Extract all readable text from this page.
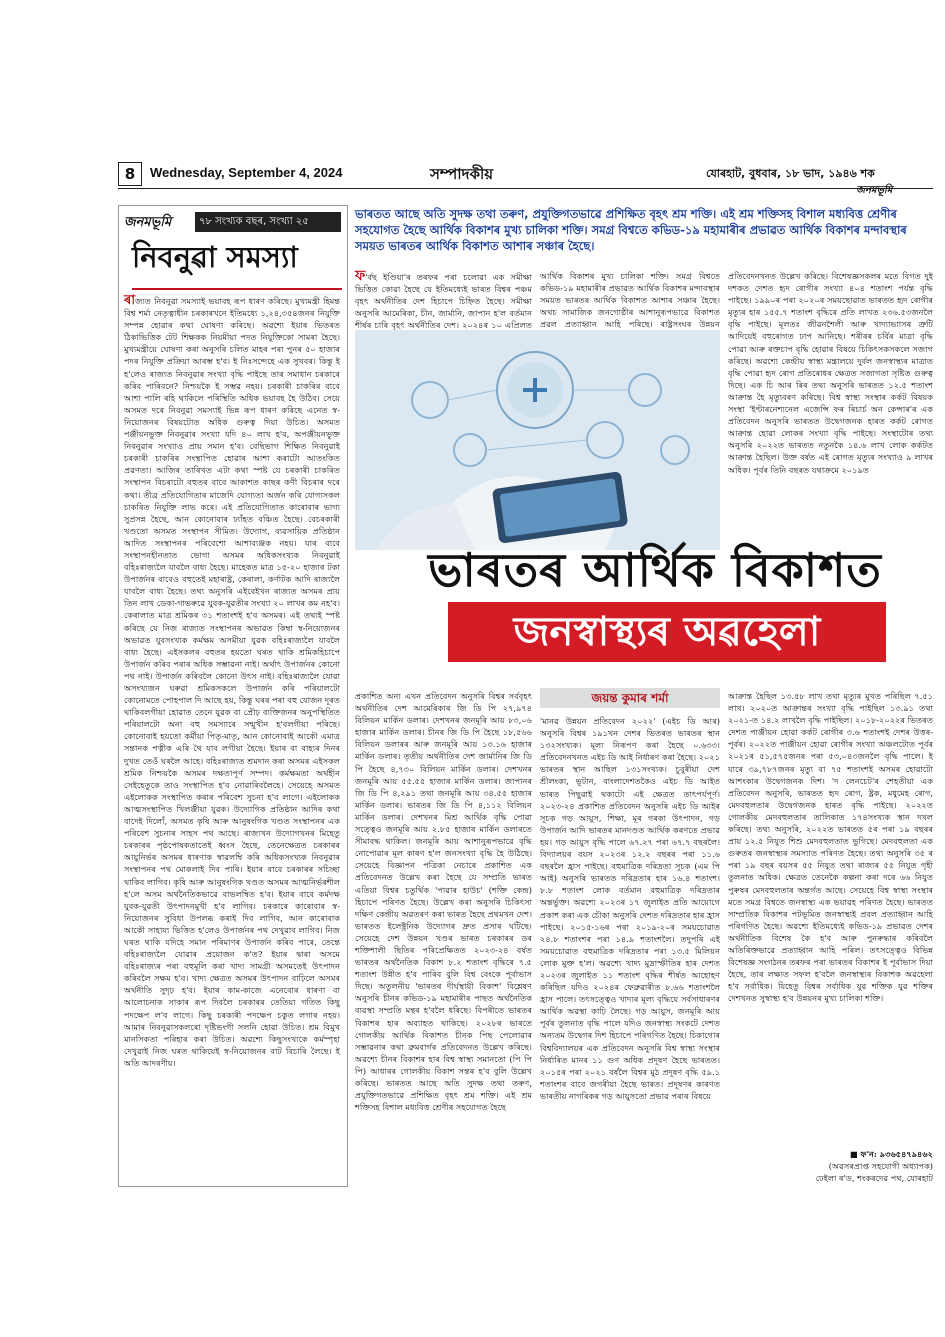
8	Wednesday, September 4, 2024	সম্পাদকীয়	যোৰহাট, বুধবাৰ, ১৮ ভাদ, ১৯৪৬ শক
জনমভূমি
জনমভূমি	৭৮ সংখ্যক বছৰ, সংখ্যা ২৫
নিবনুৱা সমস্যা
ৰাজ্যত নিবনুৱা সমস্যাই ভয়াবহ ৰূপ ধাৰণ কৰিছে। মুখ্যমন্ত্ৰী হিমন্ত বিশ্ব শৰ্মা নেতৃত্বাধীন চৰকাৰখনে ইতিমধ্যে ১,২৪,৩৫৪জনৰ নিযুক্তি সম্পন্ন হোৱাৰ কথা ঘোষণা কৰিছে। অৱশ্যে ইয়াৰ ভিতৰত ঠিকাভিত্তিক টেট শিক্ষকক নিয়মীয়া পদত নিযুক্তিকো সামৰা হৈছে। মুখ্যমন্ত্ৰীয়ে ঘোষণা কৰা অনুসৰি চলিত মাহৰ পৰা পুনৰ ৫০ হাজাৰ পদৰ নিযুক্তি প্ৰক্ৰিয়া আৰম্ভ হ'ব। ই নিঃসন্দেহে এক সুখবৰ। কিন্তু ই হ'লেও ৰাজ্যত নিবনুৱাৰ সংখ্যা বৃদ্ধি পাইছে তাৰ সমাধান চৰকাৰে কৰিব পাৰিবনে? নিশ্চয়কৈ ই সম্ভৱ নহয়। চৰকাৰী চাকৰিৰ বাবে আশা পালি ৰহি থাকিলে পৰিস্থিতি অধিক ভয়াবহ হৈ উঠিব। সেয়ে অসমত দৰে নিবনুৱা সমস্যাই ভিন্ন ৰূপ ধাৰণ কৰিছে এনেত স্ব-নিয়োজনৰ বিষয়টোত অধিক গুৰুত্ব দিয়া উচিত। অসমত পঞ্জীয়নভুক্ত নিবনুৱাৰ সংখ্যা যদি ৪০ লাখ হ'ব, অপঞ্জীয়নভুক্ত নিবনুৱাৰ সংখ্যাও প্ৰায় সমান হ'ব। বেছিভাগ শিক্ষিত নিবনুৱাই চৰকাৰী চাকৰিৰ সংস্থাপিত হোৱাৰ আশা কৰাটো আতংকিত প্ৰৱণতা। আজিৰ তাৰিখত এটা কথা স্পষ্ট যে চৰকাৰী চাকৰিত সংস্থাপন বিচৰাটো বহুতৰ বাবে আকাশত কাছৰ কণী বিচৰাৰ দৰে কথা। তীব্ৰ প্ৰতিযোগিতাৰ মাজেদি যোগ্যতা অৰ্জন কৰি যোগ্যসকল চাকৰিত নিযুক্তি লাভ কৰে। এই প্ৰতিযোগিতাত কাৰোবাৰ ভাগ্য সুপ্ৰসন্ন হৈছে, আন কোনোবাৰ ঢ্যাঁহত বঞ্চিত হৈছে। বেচৰকাৰী খণ্ডতো অসমত সংস্থাপন সীমিত। উদ্যোগ, ব্যৱসায়িক প্ৰতিষ্ঠান আদিত সংস্থাপনৰ পৰিবেশো আশাব্যঞ্জক নহয়। যাৰ বাবে সংস্থাপনহীনতাত ভোগা অসমৰ অধিকসংখ্যক নিবনুৱাই বহিঃৰাজ্যলৈ যাবলৈ বাধ্য হৈছে। মাহেকত মাত্ৰ ১৫-২০ হাজাৰ টকা উপাৰ্জনৰ বাবেও বহুতেই মহাৰাষ্ট্ৰ, কেৰালা, কৰ্ণাটক আদি ৰাজ্যলৈ যাবলৈ বাধ্য হৈছে। তথ্য অনুসৰি এইবেইখন ৰাজ্যত অসমৰ প্ৰায় তিন লাখ ডেকা-গাভৰুৱে যুবক-যুৱতীৰ সংখ্যা ২০ লাখৰ কম নহ'ব। কেৰালাত মাত্ৰ শ্ৰমিকৰ ৩১ শতাংশই হ'ব অসমৰ। এই তথ্যই স্পষ্ট কৰিছে যে নিজ ৰাজ্যত সংস্থাপনৰ অভাৱত কিম্বা স্ব-নিয়োজনৰ অভাৱত যুবসংখ্যক কৰ্মক্ষম অসমীয়া যুৱক বহিঃৰাজ্যলৈ যাবলৈ বাধ্য হৈছে। এইসকলৰ বহুতৰ হয়তো ঘৰত থাকি শ্ৰমিকহিচাপে উপাৰ্জন কৰিব পৰাৰ অধিক সম্ভাৱনা নাই। অৰ্থাৎ উপাৰ্জনৰ কোনো পথ নাই। উপাৰ্জন কৰিবলৈ কোনো উৎস নাই। বহিঃৰাজ্যলৈ যোৱা অসংখ্যজন ঘৰুৱা শ্ৰমিকসকলে উপাৰ্জন কৰি পৰিয়ালটো কোনোমতে পোহপাল দি আছে হয়, কিন্তু ঘৰৰ পৰা বহু যোজন দূৰত থাকিবলগীয়া হোৱাত তেনে যুৱক বা প্ৰৌঢ় ব্যক্তিজনৰ অনুপস্থিতিত পৰিয়ালটো অনা বহু সমস্যাৰে সন্মুখীন হ'বলগীয়া পৰিছে। কোনোবাই হয়তো কৰ্মীয়া পিতৃ-মাতৃ, আন কোনোবাই আকৌ এমাত্ৰ সন্তানক পত্নীক এৰি থৈ যাব লগীয়া হৈছে। ইয়াৰ বা বাহ্যৰ দিনৰ দুখত তেওঁ ঘৰলৈ আহে। বহিঃৰাজ্যত শ্ৰমদান কৰা অসমৰ এইসকল শ্ৰমিক নিশ্চয়কৈ অসমৰ দক্ষতাপূৰ্ণ সম্পদ। কৰ্মক্ষমতা অৰ্থহীন সেইহেতুকে তাও সংস্থাপিত হ'ব নোৱাৰিবলৈহে। সেয়েহে অসমত এইলোকক সংস্থাপিত কৰাৰ পৰিবেশ সুচনা হ'ব লাগে। এইলোকক আত্মসংস্থাপিত খিলঞ্জীয়া যুৱক। উদ্যোগিক প্ৰতিষ্ঠান আদিৰ কথা বাদেই দিলোঁ, অসমত কৃষি আৰু আনুষংগিক খণ্ডত সংস্থাপনৰ এক পৰিবেশ সুচনাৰ সাহস পথ আছে। ৰাজ্যখন উদ্যোগখনৰ মিহেতু চৰকাৰৰ পৃষ্ঠপোষকতাতেই ধ্বংস হৈছে, তেনেক্ষেত্ৰত চৰকাৰৰ আয়ুনিৰ্ভৰ অসমৰ ধাৰণাক স্বাৱলম্বি কৰি অধিকসংখ্যক নিবনুৱাৰ সংস্থাপনৰ পথ মোকলাই দিব পাৰি। ইয়াৰ বাবে চৰকাৰৰ সচিচ্ছা থাকিব লাগিব। কৃষি আৰু আনুষংগিক খণ্ডত অসমৰ আত্মনিৰ্ভৰশীল হ'লে অসম অৰ্থনৈতিকভাৱে বাভলম্বিত হ'ব। ইয়াৰ বাবে কৰ্মদক্ষ যুবক-যুৱতী উৎপাদনমুখী হ'ব লাগিব। চৰকাৰে কাৰোবাৰ স্ব-নিয়োজনৰ সুবিধা উপলব্ধ কৰাই দিব লাগিব, আন কাৰোবাক আকৌ সাহায্য ভিত্তিত হ'লেও উপাৰ্জনৰ পথ দেখুৱাব লাগিব। নিজ ঘৰত থাকি যদিহে সমান পৰিমাণৰ উপাৰ্জন কৰিব পাৰে, তেন্তে বহিঃৰাজ্যলৈ যোৱাৰ প্ৰয়োজন ক'ত? ইয়াৰ দ্বাৰা অসমে বহিঃৰাজ্যৰ পৰা বহুমূলি কৰা খাদ্য সামগ্ৰী অসমতেই উৎপাদন কৰিবলৈ সক্ষম হ'ব। খাদ্য ক্ষেত্ৰত অসমৰ উৎপাদন বাঢ়িলে অসমৰ অৰ্থনীতি সুদৃঢ় হ'ব। ইয়াৰ কাম-কাজে এনেবোৰ ধাৰণা বা আলোচনাক সাকাৰ ৰূপ দিবলৈ চৰকাৰৰ তেতিয়া গতিত কিছু পদক্ষেপ ল'ব লাগে। কিছু চৰকাৰী পদক্ষেপ চকুত লগাৰ নহয়। আমাৰ নিবনুৱাসকলৰো দৃষ্টিভংগী সলনি হোৱা উচিত। শ্ৰম বিমুখ মানসিকতা পৰিহাৰ কৰা উচিত। অৱশ্যে কিছুসংখ্যকে কৰ্মস্পৃহা দেখুৱাই নিজ ঘৰত থাকিয়েই স্ব-নিয়োজনৰ বাট বিচাৰি লৈছে। ই অতি আদৰণীয়।
ভাৰতত আছে অতি সুদক্ষ তথা তৰুণ, প্ৰযুক্তিগতভাৱে প্ৰশিক্ষিত বৃহৎ শ্ৰম শক্তি। এই শ্ৰম শক্তিসহ বিশাল মধ্যবিত্ত শ্ৰেণীৰ সহযোগত হৈছে আৰ্থিক বিকাশৰ মুখ্য চালিকা শক্তি। সমগ্ৰ বিশ্বতে কভিড-১৯ মহামাৰীৰ প্ৰভাৱত আৰ্থিক বিকাশৰ মন্দাবস্থাৰ সময়ত ভাৰতৰ আৰ্থিক বিকাশত আশাৰ সঞ্চাৰ হৈছে।
ফ'ৰ্বছ ইণ্ডিয়া'ৰ তৰফৰ পৰা চলোৱা এক সমীক্ষা ভিত্তিত কোৱা হৈছে যে ইতিমধ্যেই ভাৰত বিশ্বৰ পঞ্চম বৃহৎ অৰ্থনীতিৰ দেশ হিচাপে চিহ্নিত হৈছে। সমীক্ষা অনুসৰি আমেৰিকা, চীন, জাৰ্মানি, জাপান হ'ল বৰ্তমান শীৰ্ষৰ চাৰি বৃহৎ অৰ্থনীতিৰ দেশ। ২০২৪ৰ ১০ এপ্ৰিলত
আৰ্থিক বিকাশৰ মুখ্য চালিকা শক্তি। সমগ্ৰ বিশ্বতে কভিড-১৯ মহামাৰীৰ প্ৰভাৱত আৰ্থিক বিকাশৰ মন্দাবস্থাৰ সময়ত ভাৰতৰ আৰ্থিক বিকাশত আশাৰ সঞ্চাৰ হৈছে। অথচ সামাজিক জনগোষ্ঠীৰ আশানুৰূপভাৱে বিকাশত প্ৰৱল প্ৰত্যাহ্বান আহি পৰিছে। ৰাষ্ট্ৰসংঘৰ উন্নয়ন
প্ৰতিবেদনখনত উল্লেখ কৰিছে। বিশেষজ্ঞসকলৰ মতে বিগত দুই দশকত দেশত হৃদ ৰোগীৰ সংখ্যা ৪০৪ শতাংশ পৰ্যন্ত বৃদ্ধি পাইছে। ১৯৯০ৰ পৰা ২০২০ৰ সময়ছোৱাত ভাৰতত হৃদ ৰোগীৰ মৃত্যুৰ হাৰ ১৫৫.৭ শতাংশ বৃদ্ধিৰে প্ৰতি লাখত ২৩৬.৫৩জনলৈ বৃদ্ধি পাইছে। মূলতঃ জীৱনশৈলী আৰু খাদ্যাভ্যাসৰ ত্ৰুটি আদিয়েই বহুৰোগত ঢাপ আনিছে। শৰীৰৰ চৰ্বিৰ মাত্ৰা বৃদ্ধি পোৱা আৰু ৰক্তচাপ বৃদ্ধি হোৱাৰ বিষয়ে চিকিৎসকসকলে সজাগ কৰিছে। অৱশ্যে কেন্দ্ৰীয় স্বাস্থ্য মন্ত্ৰালয়ে দুৰ্বল জনস্বাস্থ্যৰ মাত্ৰাত বৃদ্ধি পোৱা হৃদ ৰোগ প্ৰতিৰোধৰ ক্ষেত্ৰত সজাগতা সৃষ্টিত গুৰুত্ব দিছে। এক চি আৰ ৰিৰ তথ্য অনুসৰি ভাৰতত ১২.৫ শতাংশ আক্ৰান্ত হৈ মৃত্যুবৰণ কৰিছে। বিশ্ব স্বাস্থ্য সংস্থাৰ কৰ্কট বিষয়ক সংস্থা 'ইণ্টাৰনেশ্যনেল এজেন্সি ফৰ ৰিচাৰ্চ অন কেন্সাৰ'ৰ এক প্ৰতিবেদন অনুসৰি ভাৰতত উদ্বেগজনক হাৰত কৰ্কট ৰোগত আক্ৰান্ত হোৱা লোকৰ সংখ্যা বৃদ্ধি পাইছে। সংস্থাটোৰ তথ্য অনুসৰি ২০২২ত ভাৰতত নতুনকৈ ১৪.৬ লাখ লোক কৰ্কটত আক্ৰান্ত হৈছিল। উক্ত বৰ্ষত এই ৰোগত মৃত্যুৰ সংখ্যাও ৯ লাখৰ অধিক। পূৰ্বৰ তিনি বছৰত যথাক্ৰমে ২০১৯ত
ভাৰতৰ আৰ্থিক বিকাশত
জনস্বাস্থ্যৰ অৱহেলা
জয়ন্ত কুমাৰ শৰ্মা
প্ৰকাশিত অন্য এখন প্ৰতিবেদন অনুসৰি বিশ্বৰ সৰ্ববৃহৎ অৰ্থনীতিৰ দেশ আমেৰিকাৰ জি ডি পি ২৭,৯৭৪ বিলিয়ন মাৰ্কিন ডলাৰ। দেশখনৰ জনমূৰি আয় ৮৩,০৬ হাজাৰ মাৰ্কিন ডলাৰ। চীনৰ জি ডি পি হৈছে ১৮,৫৬৬ বিলিয়ন ডলাৰৰ আৰু জনমূৰি আয় ১৩.১৬ হাজাৰ মাৰ্কিন ডলাৰ। তৃতীয় অৰ্থনীতিৰ দেশ জাৰ্মানিৰ জি ডি পি হৈছে ৪,৭৩০ বিলিয়ন মাৰ্কিন ডলাৰ। দেশখনৰ জনমূৰি আয় ৫৫.৫৫ হাজাৰ মাৰ্কিন ডলাৰ। জাপানৰ জি ডি পি ৪,২৯১ তথা জনমূৰি আয় ৩৪.৫৫ হাজাৰ মাৰ্কিন ডলাৰ। ভাৰতৰ জি ডি পি ৪,১১২ বিলিয়ন মাৰ্কিন ডলাৰ। দেশখনৰ মিশ্ৰ আৰ্থিক বৃদ্ধি পোৱা সত্ত্বেও জনমূৰি আয় ২.৮৫ হাজাৰ মাৰ্কিন ডলাৰতে সীমাবদ্ধ থাকিল। জনমূৰি আয় আশানুৰূপভাৱে বৃদ্ধি নোপোৱাৰ মূল কাৰণ হ'ল জনসংখ্যা বৃদ্ধি হৈ উঠিছে। সেয়েহে বিজ্ঞাপন পত্ৰিকা নেচাৰে প্ৰকাশিত এক প্ৰতিবেদনত উল্লেখ কৰা হৈছে যে সম্প্ৰতি ভাৰত এতিয়া বিশ্বৰ চতুৰ্থিক 'পাৱাৰ হাউচ' (শক্তি কেন্দ্ৰ) হিচাপে পৰিণত হৈছে। উল্লেখ কৰা অনুসৰি চিকিৎসা দক্ষিণ কেন্দ্ৰীয় অৱতৰণ কৰা ভাৰত হৈছে প্ৰথমখন দেশ। ভাৰতত ইলেক্ট্ৰনিক উদ্যোগৰ দ্ৰুত প্ৰসাৰ ঘটিছে। সেয়েহে দেশ উন্নয়ন খণ্ডৰ ভাৰত চৰকাৰৰ ডৰ শক্তিশালী ছিতিৰ পৰিপ্ৰেক্ষিতত ২০২৩-২৪ বৰ্ষত ভাৰতৰ অৰ্থনৈতিক বিকাশ ৮.২ শতাংশ বৃদ্ধিৰে ৭.৫ শতাংশ উন্নীত হ'ব পাৰিব বুলি বিশ্ব বেংকে পূৰ্বাভাস দিছে। অতুলনীয় 'ভাৰতৰ দীৰ্ঘস্থায়ী বিকাশ' বিশ্লেষণ অনুসৰি চীনৰ কভিড-১৯ মহামাৰীৰ পাছত অৰ্থনৈতিক ব্যৱস্থা সম্প্ৰতি মন্থৰ হ'বলৈ ধৰিছে। বিপৰীতে ভাৰতৰ বিকাশৰ হাৰ অব্যাহত থাকিছে। ২০২৮ৰ ভাৰতে গোলকীয় আৰ্থিক বিকাশত চীনক পিছ পেলোৱাৰ সম্ভাৱনাৰ কথা ব্ৰুমবাৰ্গৰ প্ৰতিবেদনত উল্লেখ কৰিছে। অৱশ্যে চীনৰ বিকাশৰ হাৰ বিশ্ব স্বাস্থ্য সমানতো (পি পি পি) আধাৰৰ গোলকীয় বিকাশ সন্তৰ হ'ব বুলি উল্লেখ কৰিছে। ভাৰতত আছে অতি সুদক্ষ তথা তৰুণ, প্ৰযুক্তিগতভাৱে প্ৰশিক্ষিত বৃহৎ শ্ৰম শক্তি। এই শ্ৰম শক্তিসহ বিশাল মধ্যবিত্ত শ্ৰেণীৰ সহযোগত হৈছে
'মানৱ উন্নয়ন প্ৰতিবেদন ২০২২' (এইচ ডি আৰ) অনুসৰি বিশ্বৰ ১৯১খন দেশৰ ভিতৰত ভাৰতৰ স্থান ১৩২সংখ্যক। মূল্য নিৰূপণ কৰা হৈছে ০.৬৩৩। প্ৰতিবেদনখনত এইচ ডি আই নিৰ্ধাৰণ কৰা হৈছে। ২০২১ ভাৰতৰ স্থান আছিল ১৩১সংখ্যক। চুবুৰীয়া দেশ শ্ৰীলংকা, ভূটান, বাংলাদেশতকৈও এইচ ডি আইত ভাৰত পিছুৱাই থকাটো এই ক্ষেত্ৰত তাৎপৰ্যপূৰ্ণ। ২০২৩-২৪ প্ৰকাশিত প্ৰতিবেদন অনুসৰি এইচ ডি আইৰ সূচক গড় আয়ুস, শিক্ষা, মূৰ গৰকা উৎপাদন, গড় উপাৰ্জন আদি ভাৰতৰ মানদণ্ডত আৰ্থিক কৰণতে প্ৰভাৱ হয়। গড় আয়ুস বৃদ্ধি পালে ৬৭.২৭ পৰা ৬৭.৭ বছৰলৈ। বিদ্যালয়ৰ বয়স ২০২৩ৰ ১২.২ বছৰৰ পৰা ১১.৬ বছৰলৈ হ্ৰাস পাইছে। বহুমাত্ৰিক দৰিদ্ৰতা সূচক (এম পি আই) অনুসৰি ভাৰতত দৰিদ্ৰতাৰ হাৰ ১৬.৪ শতাংশ। ৮.৮ শতাংশ লোক বৰ্তমান বহুমাত্ৰিক দৰিদ্ৰতাৰ অন্তৰ্ভুক্ত। অৱশ্যে ২০২৩ৰ ১৭ জুলাইত প্ৰতি আয়োগে প্ৰকাশ কৰা এক চৌকা অনুসৰি দেশত দৰিদ্ৰতাৰ হাৰ হ্ৰাস পাইছে। ২০১৫-১৬ৰ পৰা ২০১৯-২০ৰ সময়চোৱাত ২৪.৮ শতাংশৰ পৰা ১৪.৯ শতাংশলৈ। তদুপৰি এই সময়চোৱাত বহুমাত্ৰিক দৰিদ্ৰতাৰ পৰা ১৩.৫ মিলিয়ন লোক মুক্ত হ'ল। অৱশ্যে খাদ্য মুদ্ৰাস্ফীতিৰ হাৰ দেশত ২০২৩ৰ জুলাইত ১১ শতাংশ বৃদ্ধিৰ শীৰ্ষত আহোহণ কৰিছিল যদিও ২০২৪ৰ ফেব্ৰুৱাৰীত ৮.৬৬ শতাংশলৈ হ্ৰাস পালে। তৎসত্ত্বেও খাদ্যৰ মূল্য বৃদ্ধিয়ে সৰ্বসাধাৰণৰ আৰ্থিক অৱস্থা কাঢ়ি লৈছে। গড় আয়ুস, জনমূৰি আয় পূৰ্বৰ তুলনাত বৃদ্ধি পালে যদিও জনস্বাস্থ্য সংকটে দেশত অন্যতম উদ্বেগৰ দিশ হিচাপে পৰিগণিত হৈছে। চিকাগোৰ বিশ্ববিদ্যালয়ৰ এক প্ৰতিবেদন অনুসৰি বিশ্ব স্বাস্থ্য সংস্থাৰ নিৰ্ধাৰিত মানৰ ১১ গুণ অধিক প্ৰদূষণ হৈছে ভাৰতত। ২০১৫ৰ পৰা ২০২১ বৰ্ষলৈ বিশ্বৰ মুঠ প্ৰদূষণ বৃদ্ধি ৫৯.১ শতাংশৰ বাবে জগৰীয়া হৈছে ভাৰত। প্ৰদূষণৰ কাৰণত ভাৰতীয় নাগৰিকৰ গড় আয়ুসতো প্ৰভাৱ পৰাৰ বিষয়ে
আক্ৰান্ত হৈছিল ১৩.৫৮ লাখ তথা মৃত্যুৰ মুখত পৰিছিল ৭.৫১ লাখ। ২০২০ত আক্ৰান্তৰ সংখ্যা বৃদ্ধি পাইছিল ১৩.৯১ তথা ২০২১-ত ১৪.২ লাখলৈ বৃদ্ধি পাইছিল। ২০১৮-২০২২ৰ ভিতৰত দেশত পাঞ্জীয়ন হোৱা কৰ্কট ৰোগীৰ ৩.৬ শতাংশই দেশৰ উত্তৰ-পূৰ্বৰ। ২০২২ত পাঞ্জীয়ন হোৱা ৰোগীৰ সংখ্যা অঞ্চলটোত পূৰ্বৰ ২০২১ৰ ৫১,৫৭৫জনৰ পৰা ৫৩,০৪৩জনলৈ বৃদ্ধি পালে। ই যাৰে ৩৯,৭৮৭জনৰ মৃত্যু বা ৭৫ শতাংশই অসমৰ হোৱাটো আশংকাৰ উদ্বেগজনক দিশ। 'দ লেনচেট'ৰ শেহতীয়া এক প্ৰতিবেদন অনুসৰি, ভাৰতত হৃদ ৰোগ, ষ্ট্ৰক, মধুমেহ ৰোগ, মেদবহুলতাৰ উদ্বেগজনক হাৰত বৃদ্ধি পাইছে। ২০২২ত গোলকীয় মেদবহুলতাৰ তালিকাত ১৭৪সংখ্যক স্থান দখল কৰিছে। তথ্য অনুসৰি, ২০২২ত ভাৰতত ৫ৰ পৰা ১৯ বছৰৰ প্ৰায় ১২.৫ নিযুত শিশু মেদবহুলতাত ভুগিছে। মেদবহুলতা এক গুৰুতৰ জনস্বাস্থ্যৰ সমস্যাত পৰিণত হৈছে। তথ্য অনুসৰি ৩৫ ৰ পৰা ১৯ বছৰ বয়সৰ ৫৫ নিযুত তথা ৰাজ্যৰ ৫৫ নিযুত গৃহী তুলনাত অধিক। ক্ষেত্ৰত তেনেকৈ কল্পনা কৰা দৰে ৬৬ নিযুত পুৰুষৰ মেদবহুলতাৰ অন্তৰ্গত আছে। সেয়েহে বিশ্ব স্বাস্থ্য সংস্থাৰ মতে সমগ্ৰ বিশ্বতে জনস্বাস্থ্য এক ভয়াৱহ পৰিণত হৈছে। ভাৰতত সাম্প্ৰতিক বিকাশৰ পটভূমিত জনস্বাস্থ্যই প্ৰবল প্ৰত্যাহ্বান আহি পৰিগণিত হৈছে। অৱশ্যে ইতিমধ্যেই কভিড-১৯ প্ৰভাৱত দেশৰ অৰ্থনীতিক বিশেষ কৈ হ'ব আৰু পুনৰুদ্ধাৰ কৰিবলৈ অতিৰিক্তভাৱে প্ৰত্যাহ্বান আহি পৰিল। তৎসত্ত্বেও বিভিন্ন বিশেষজ্ঞ সংগঠনৰ তৰফৰ পৰা ভাৰতৰ বিকাশৰ ই পূৰ্বাভাস দিয়া হৈছে, তাৰ লক্ষ্যত সফল হ'বলৈ জনস্বাস্থ্যৰ বিকাশক অৱহেলা হ'ব সৰ্বাধিক। যিহেতু বিশ্বৰ সৰ্বাধিক যুৱ শক্তিক যুৱ শক্তিৰ দেশখনত সুস্বাস্থ্য হ'ব উন্নয়নৰ মুখ্য চালিকা শক্তি।
■ ফ'ন: ৯৩৬৫৪৭৯৪৬২
(অৱসৰপ্ৰাপ্ত সহযোগী অধ্যাপক)
ঢেইলা ৰ'ড, শংকৰদেৱ পথ, যোৰহাট
